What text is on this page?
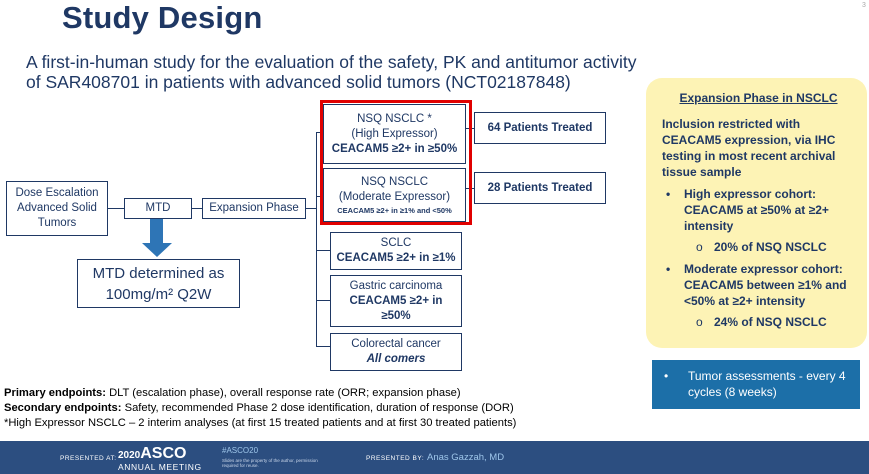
Study Design
A first-in-human study for the evaluation of the safety, PK and antitumor activity of SAR408701 in patients with advanced solid tumors (NCT02187848)
Dose Escalation
Advanced Solid
Tumors
MTD	Expansion Phase
MTD determined as
100mg/m² Q2W
NSQ NSCLC *
(High Expressor)
CEACAM5 ≥2+ in ≥50%
NSQ NSCLC
(Moderate Expressor)
CEACAM5 ≥2+ in ≥1% and <50%
SCLC
CEACAM5 ≥2+ in ≥1%
Gastric carcinoma
CEACAM5 ≥2+ in ≥50%
Colorectal cancer
All comers
64 Patients Treated
28 Patients Treated
Expansion Phase in NSCLC
Inclusion restricted with CEACAM5 expression, via IHC testing in most recent archival tissue sample
• High expressor cohort: CEACAM5 at ≥50% at ≥2+ intensity
o 20% of NSQ NSCLC
• Moderate expressor cohort: CEACAM5 between ≥1% and <50% at ≥2+ intensity
o 24% of NSQ NSCLC
• Tumor assessments - every 4 cycles (8 weeks)
Primary endpoints: DLT (escalation phase), overall response rate (ORR; expansion phase)
Secondary endpoints: Safety, recommended Phase 2 dose identification, duration of response (DOR)
*High Expressor NSCLC – 2 interim analyses (at first 15 treated patients and at first 30 treated patients)
PRESENTED AT: 2020ASCO
ANNUAL MEETING
#ASCO20
Slides are the property of the author, permission required for reuse.
PRESENTED BY: Anas Gazzah, MD
3
